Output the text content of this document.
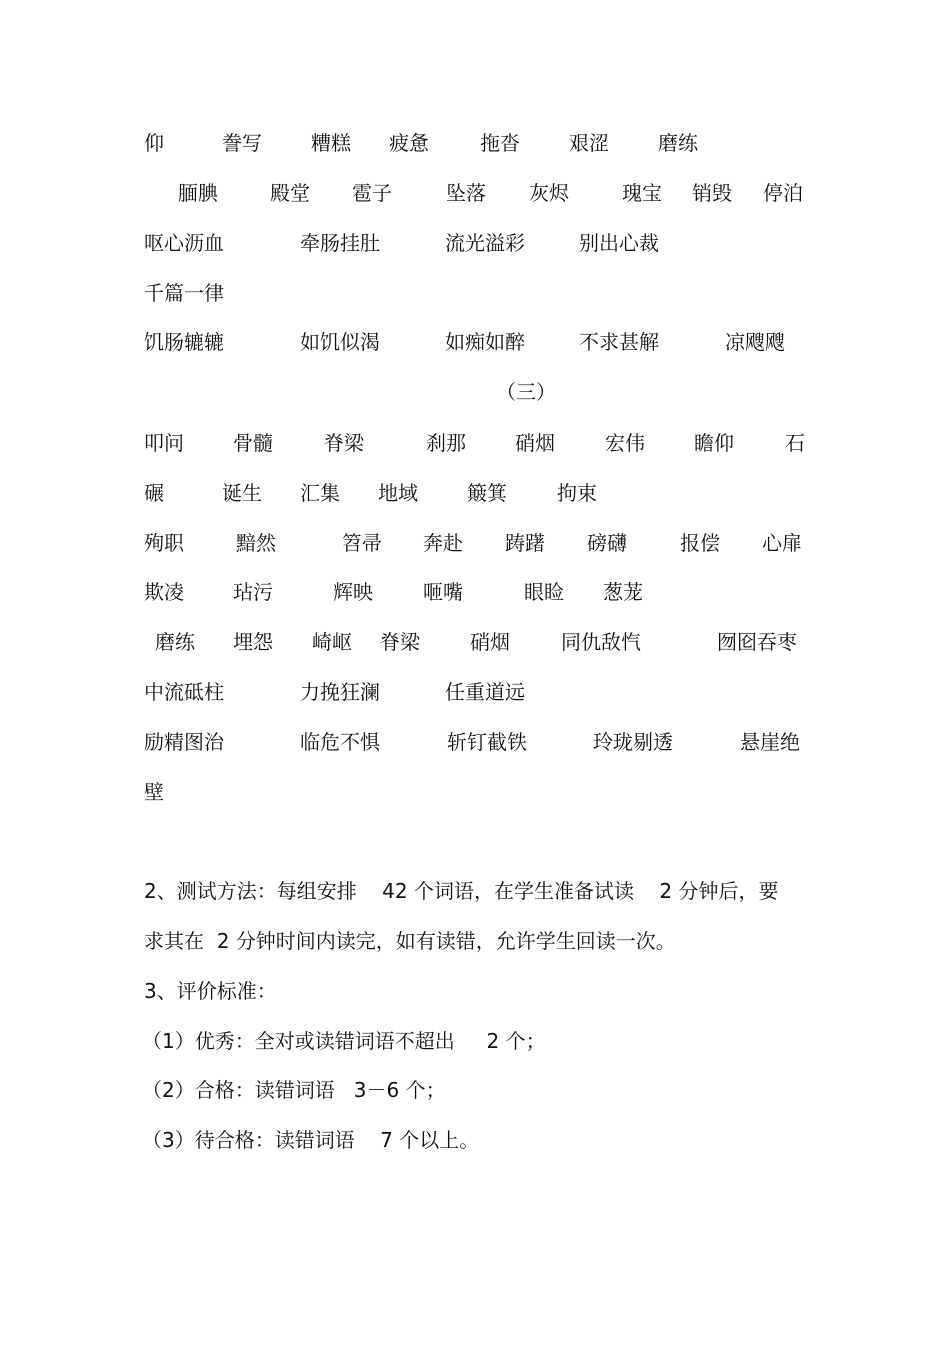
仰	誊写 糟糕 疲惫	拖沓 艰涩 磨练
腼腆	殿堂 雹子	坠落 灰烬	瑰宝 销毁 停泊
呕心沥血	牵肠挂肚	流光溢彩	别出心裁
千篇一律
饥肠辘辘	如饥似渴	如痴如醉	不求甚解	凉飕飕
（三）
叩问 骨髓	脊梁	刹那 硝烟	宏伟 瞻仰	石
碾	诞生 汇集 地域 簸箕	拘束
殉职	黯然	笤帚 奔赴 踌躇 磅礴	报偿 心扉
欺凌 玷污	辉映	咂嘴	眼睑 葱茏
磨练 埋怨 崎岖 脊梁	硝烟	同仇敌忾	囫囵吞枣
中流砥柱	力挽狂澜	任重道远
励精图治	临危不惧	斩钉截铁	玲珑剔透	悬崖绝
壁
2、测试方法：每组安排    42 个词语，在学生准备试读    2 分钟后，要
求其在  2 分钟时间内读完，如有读错，允许学生回读一次。
3、评价标准：
（1）优秀：全对或读错词语不超出     2 个；
（2）合格：读错词语   3－6 个；
（3）待合格：读错词语    7 个以上。
